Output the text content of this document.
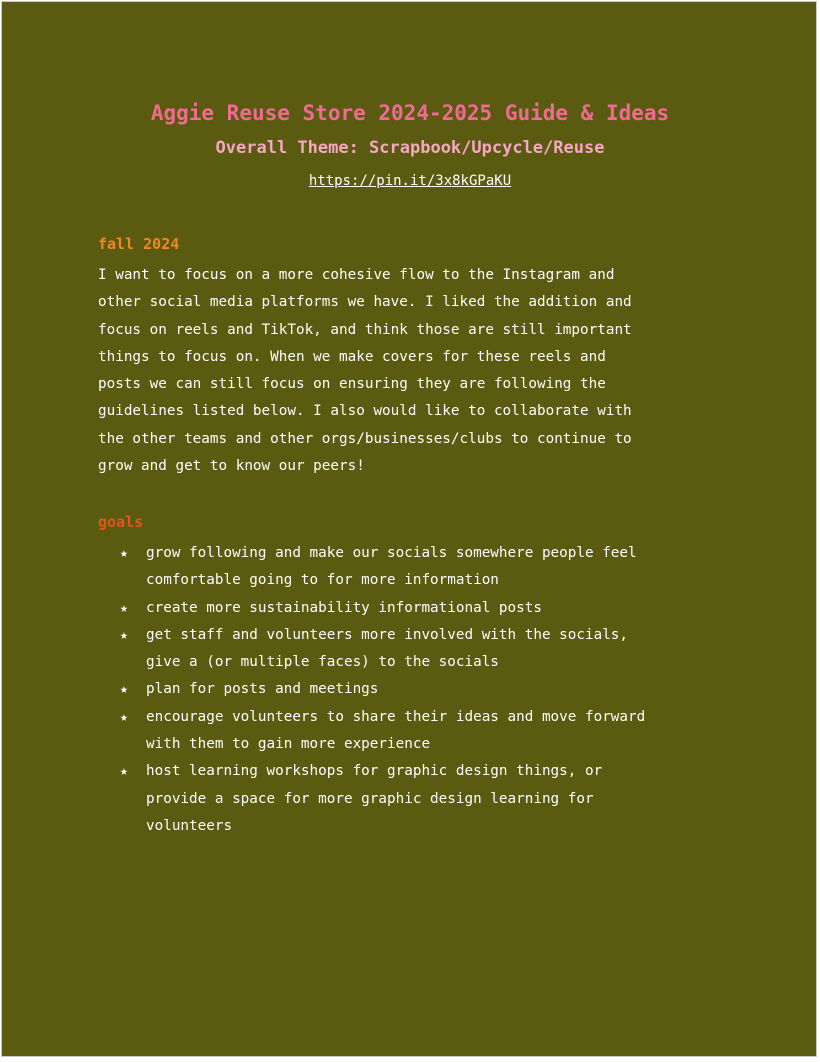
Aggie Reuse Store 2024-2025 Guide & Ideas
Overall Theme: Scrapbook/Upcycle/Reuse
https://pin.it/3x8kGPaKU
fall 2024
I want to focus on a more cohesive flow to the Instagram and
other social media platforms we have. I liked the addition and
focus on reels and TikTok, and think those are still important
things to focus on. When we make covers for these reels and
posts we can still focus on ensuring they are following the
guidelines listed below. I also would like to collaborate with
the other teams and other orgs/businesses/clubs to continue to
grow and get to know our peers!
goals
★ grow following and make our socials somewhere people feel
comfortable going to for more information
★ create more sustainability informational posts
★ get staff and volunteers more involved with the socials,
give a (or multiple faces) to the socials
★ plan for posts and meetings
★ encourage volunteers to share their ideas and move forward
with them to gain more experience
★ host learning workshops for graphic design things, or
provide a space for more graphic design learning for
volunteers
